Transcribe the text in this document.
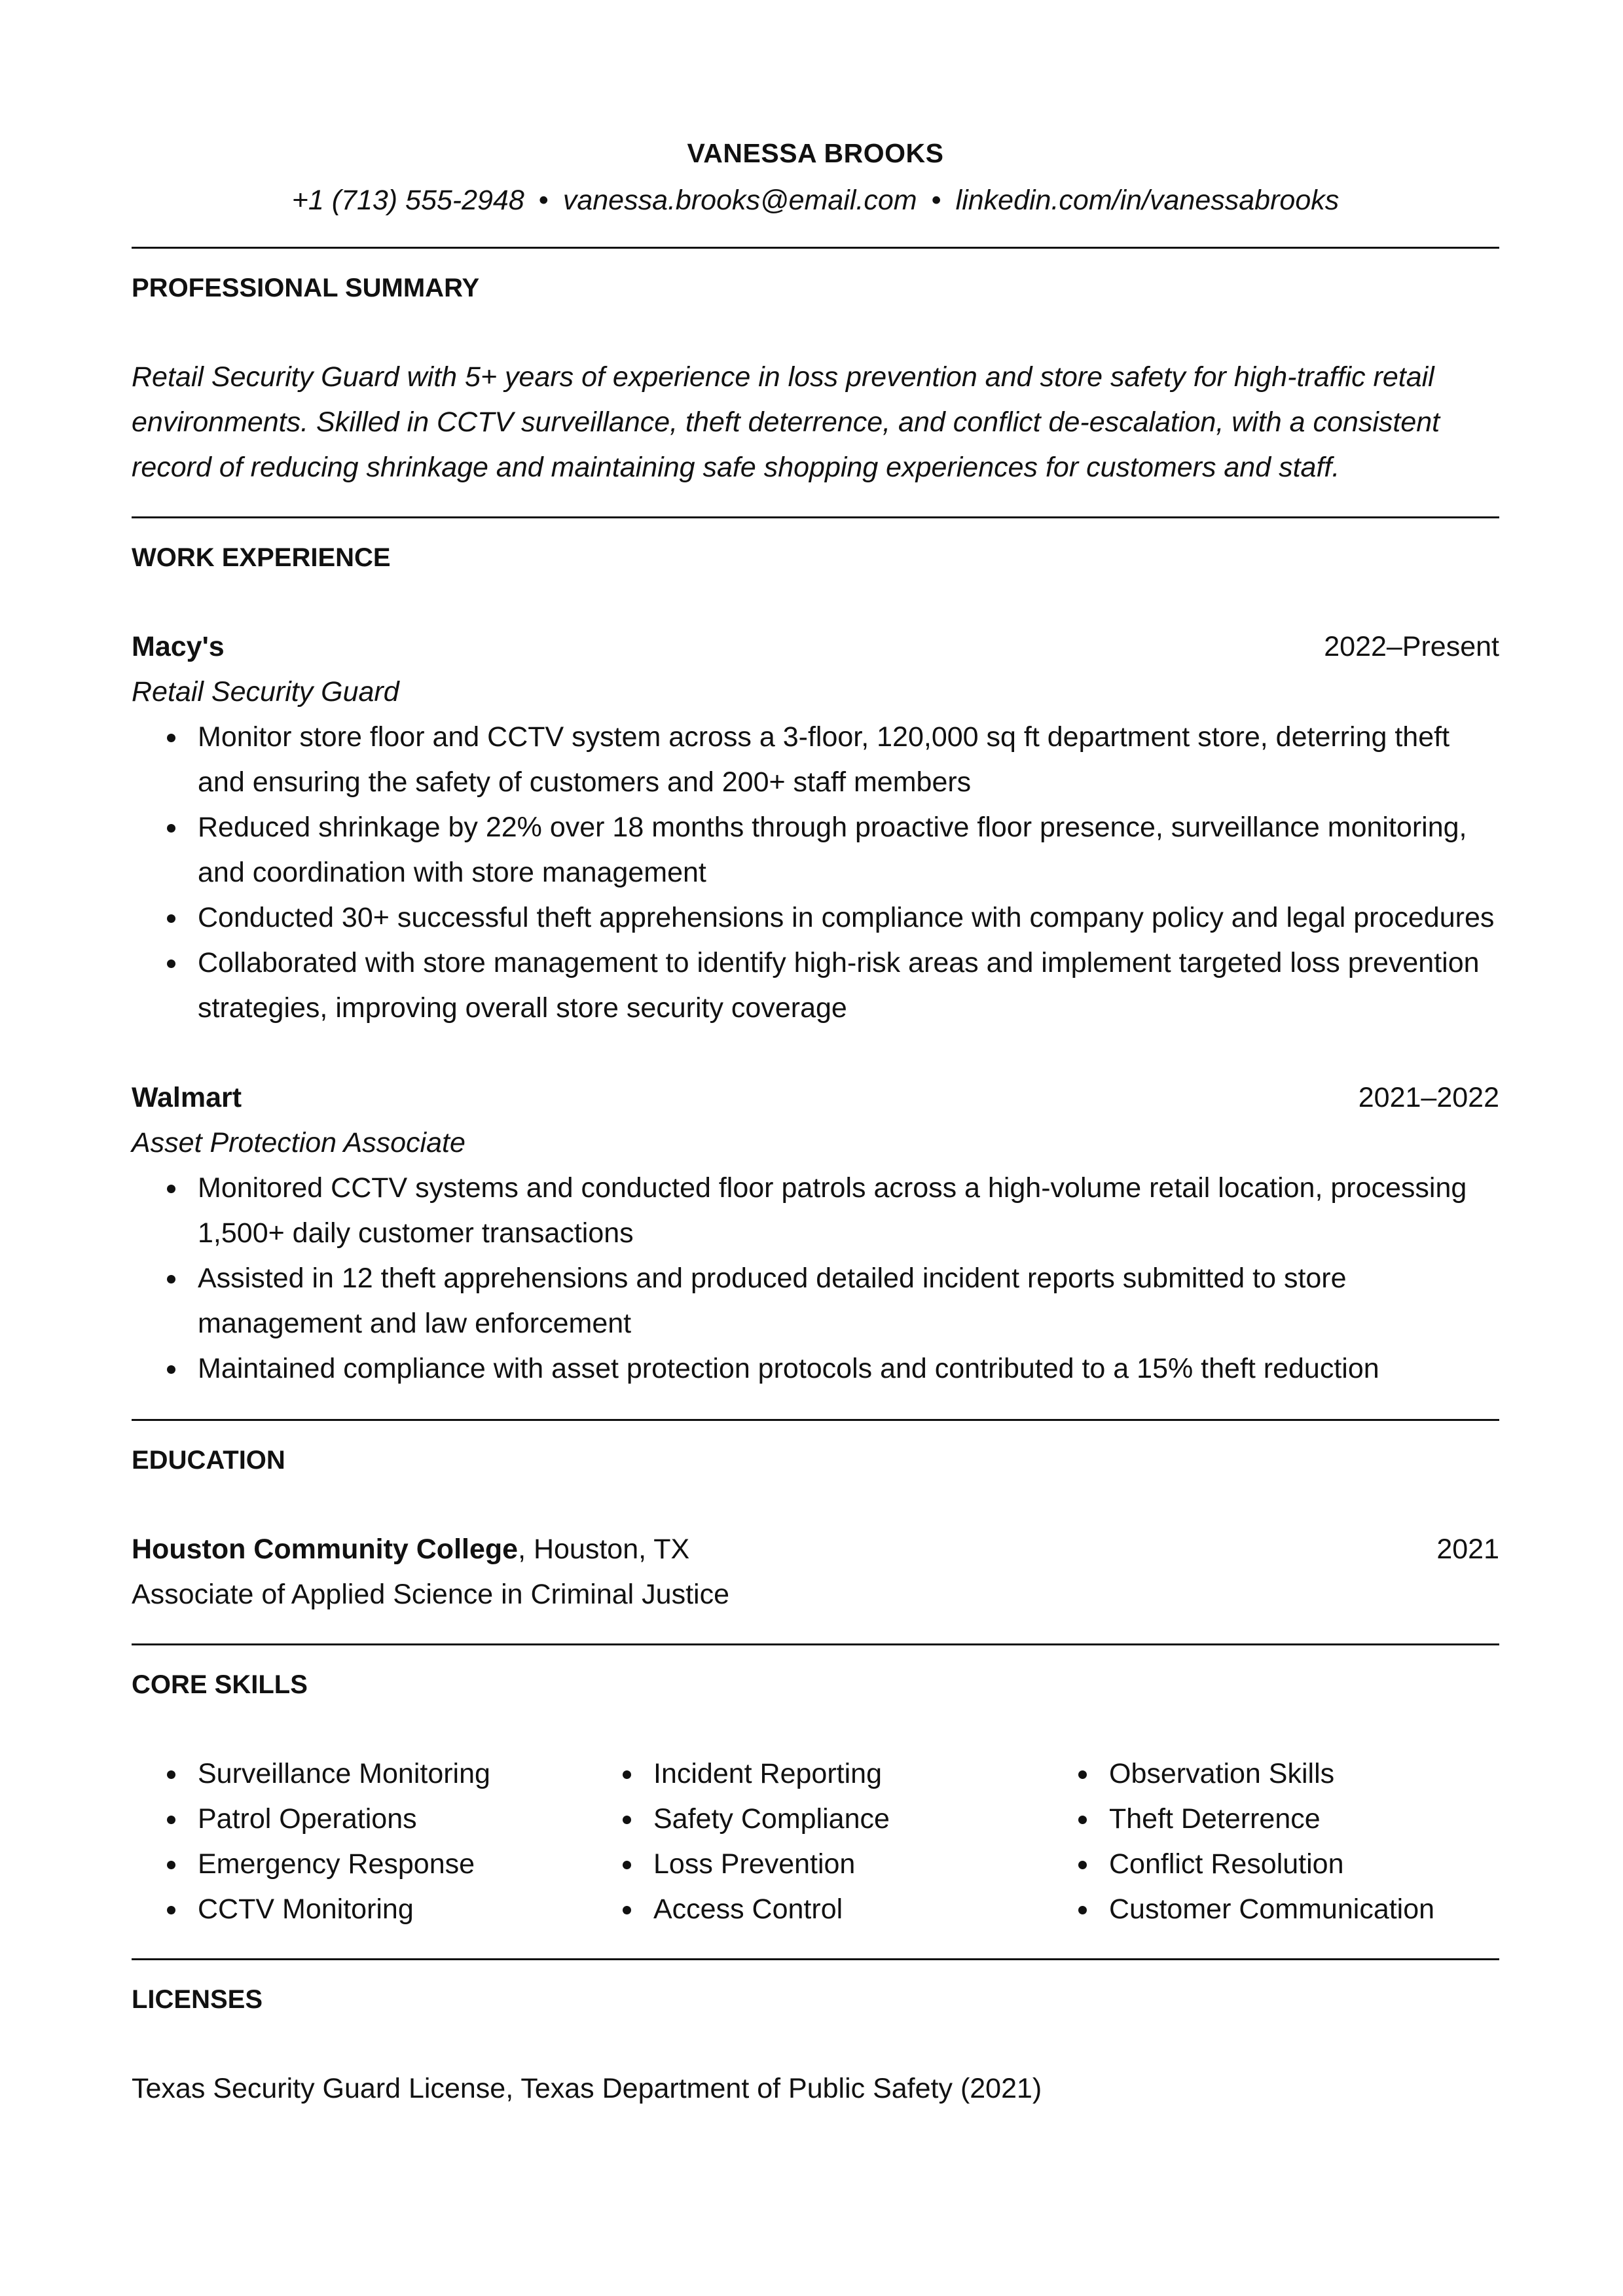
VANESSA BROOKS
+1 (713) 555-2948 • vanessa.brooks@email.com • linkedin.com/in/vanessabrooks
PROFESSIONAL SUMMARY
Retail Security Guard with 5+ years of experience in loss prevention and store safety for high-traffic retail environments. Skilled in CCTV surveillance, theft deterrence, and conflict de-escalation, with a consistent record of reducing shrinkage and maintaining safe shopping experiences for customers and staff.
WORK EXPERIENCE
Macy's	2022–Present
Retail Security Guard
Monitor store floor and CCTV system across a 3-floor, 120,000 sq ft department store, deterring theft and ensuring the safety of customers and 200+ staff members
Reduced shrinkage by 22% over 18 months through proactive floor presence, surveillance monitoring, and coordination with store management
Conducted 30+ successful theft apprehensions in compliance with company policy and legal procedures
Collaborated with store management to identify high-risk areas and implement targeted loss prevention strategies, improving overall store security coverage
Walmart	2021–2022
Asset Protection Associate
Monitored CCTV systems and conducted floor patrols across a high-volume retail location, processing 1,500+ daily customer transactions
Assisted in 12 theft apprehensions and produced detailed incident reports submitted to store management and law enforcement
Maintained compliance with asset protection protocols and contributed to a 15% theft reduction
EDUCATION
Houston Community College, Houston, TX	2021
Associate of Applied Science in Criminal Justice
CORE SKILLS
Surveillance Monitoring
Patrol Operations
Emergency Response
CCTV Monitoring
Incident Reporting
Safety Compliance
Loss Prevention
Access Control
Observation Skills
Theft Deterrence
Conflict Resolution
Customer Communication
LICENSES
Texas Security Guard License, Texas Department of Public Safety (2021)
